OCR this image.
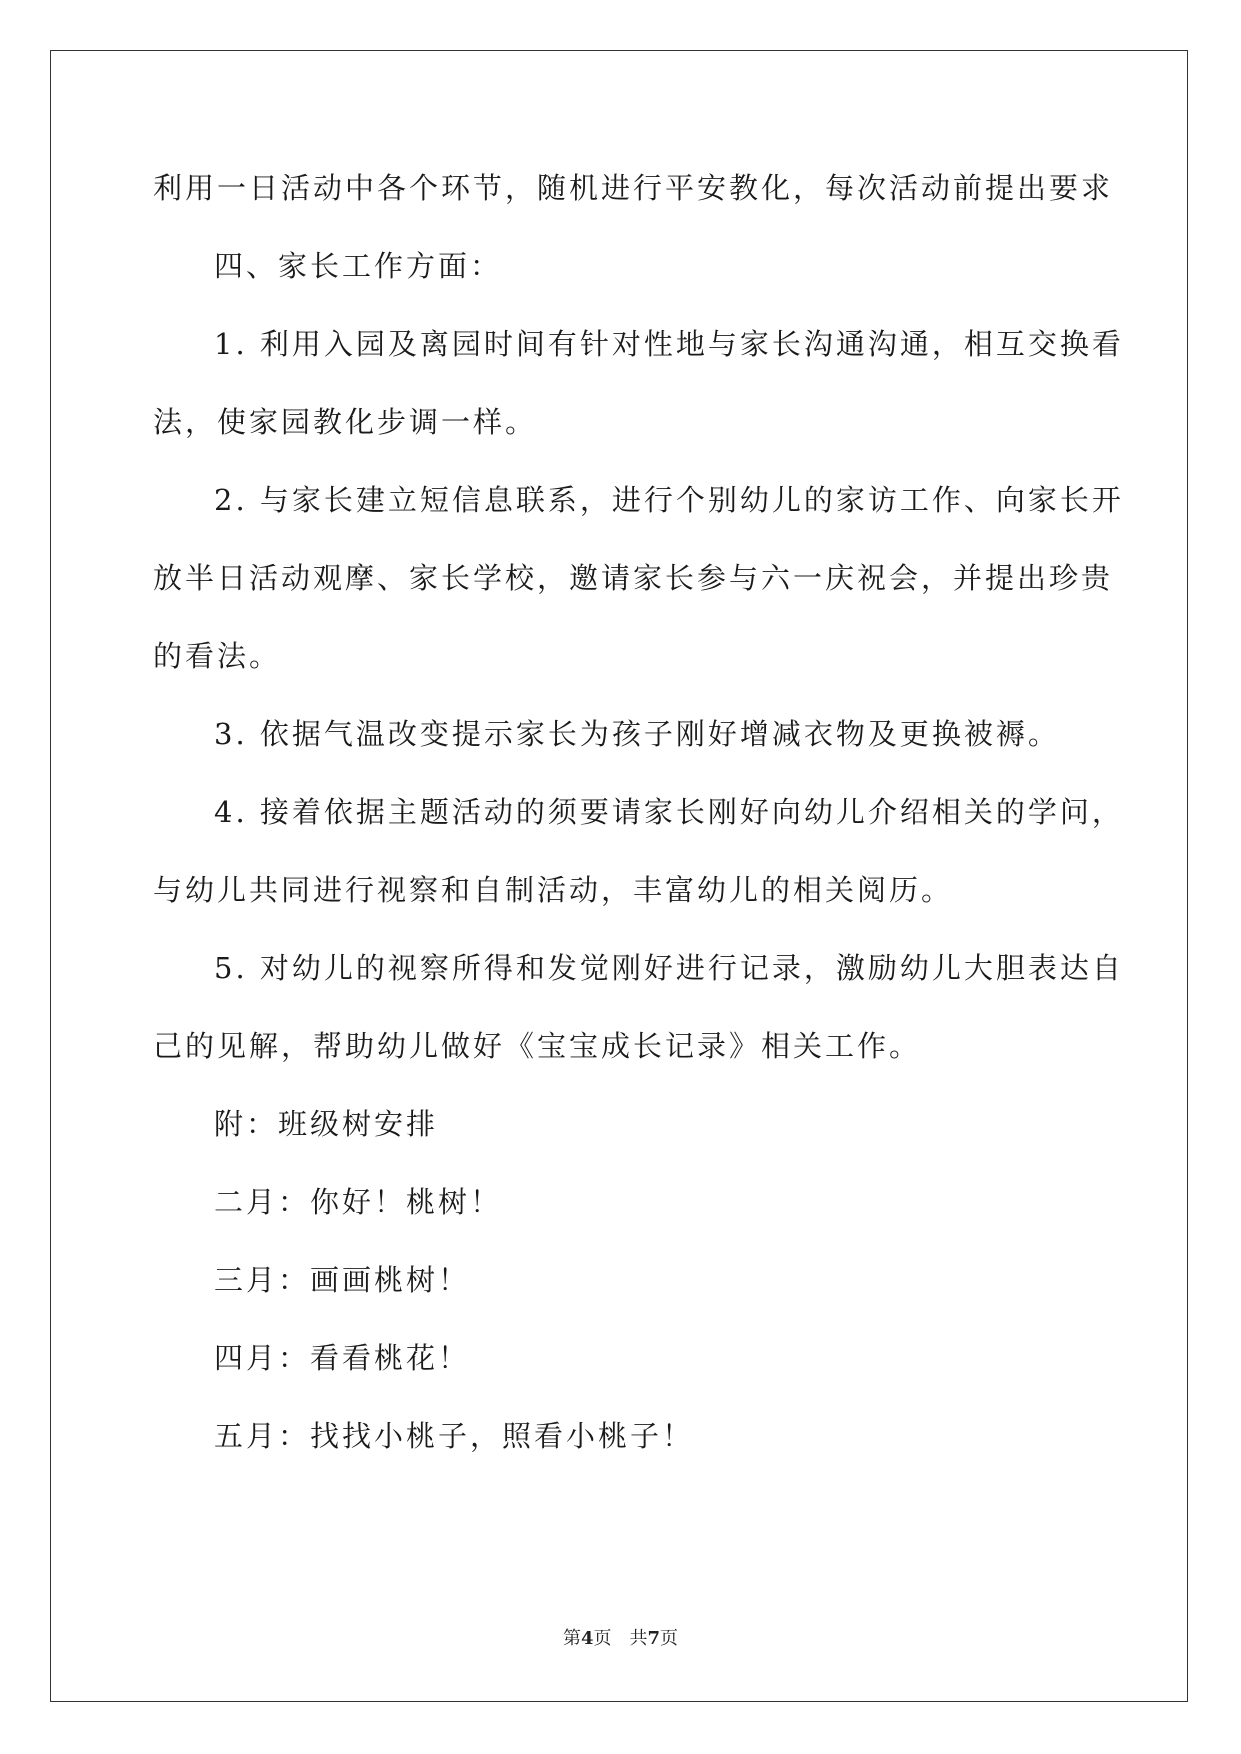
利用一日活动中各个环节，随机进行平安教化，每次活动前提出要求
四、家长工作方面：
1. 利用入园及离园时间有针对性地与家长沟通沟通，相互交换看
法，使家园教化步调一样。
2. 与家长建立短信息联系，进行个别幼儿的家访工作、向家长开
放半日活动观摩、家长学校，邀请家长参与六一庆祝会，并提出珍贵
的看法。
3. 依据气温改变提示家长为孩子刚好增减衣物及更换被褥。
4. 接着依据主题活动的须要请家长刚好向幼儿介绍相关的学问，
与幼儿共同进行视察和自制活动，丰富幼儿的相关阅历。
5. 对幼儿的视察所得和发觉刚好进行记录，激励幼儿大胆表达自
己的见解，帮助幼儿做好《宝宝成长记录》相关工作。
附：班级树安排
二月：你好！桃树！
三月：画画桃树！
四月：看看桃花！
五月：找找小桃子，照看小桃子！
第4页　共7页
